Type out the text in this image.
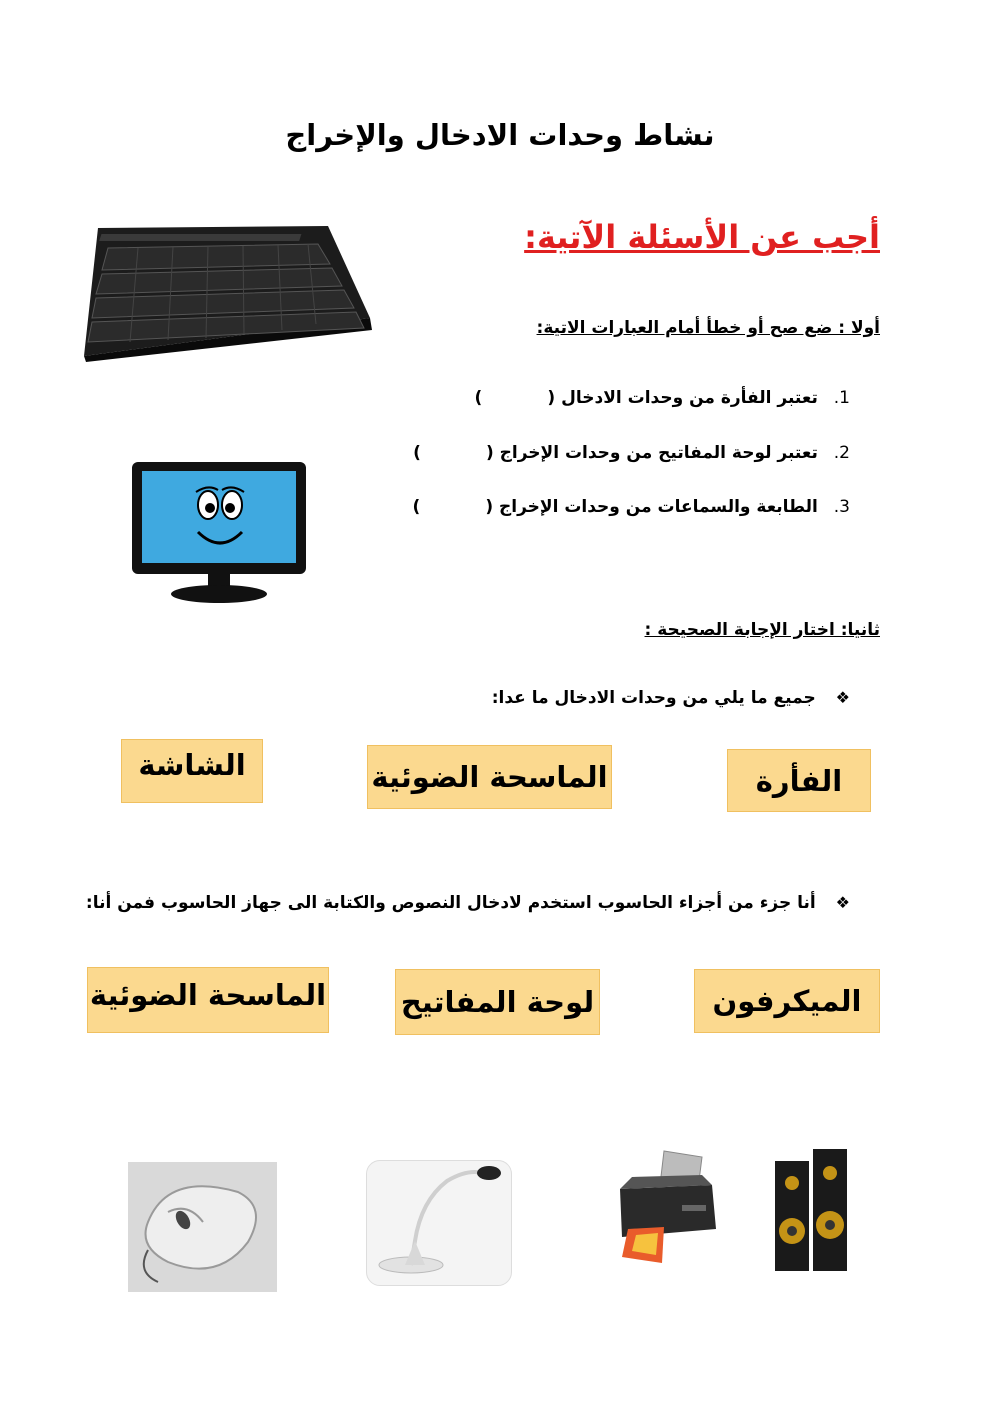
نشاط وحدات الادخال والإخراج
أجب عن الأسئلة الآتية:
أولا : ضع صح أو خطأ أمام العبارات الاتية:
1. تعتبر الفأرة من وحدات الادخال (           )
2. تعتبر لوحة المفاتيح من وحدات الإخراج (           )
3. الطابعة والسماعات من وحدات الإخراج (           )
ثانيا: اختار الإجابة الصحيحة :
❖ جميع ما يلي من وحدات الادخال ما عدا:
الفأرة
الماسحة الضوئية
الشاشة
❖ أنا جزء من أجزاء الحاسوب استخدم لادخال النصوص والكتابة الى جهاز الحاسوب فمن أنا:
الميكرفون
لوحة المفاتيح
الماسحة الضوئية
